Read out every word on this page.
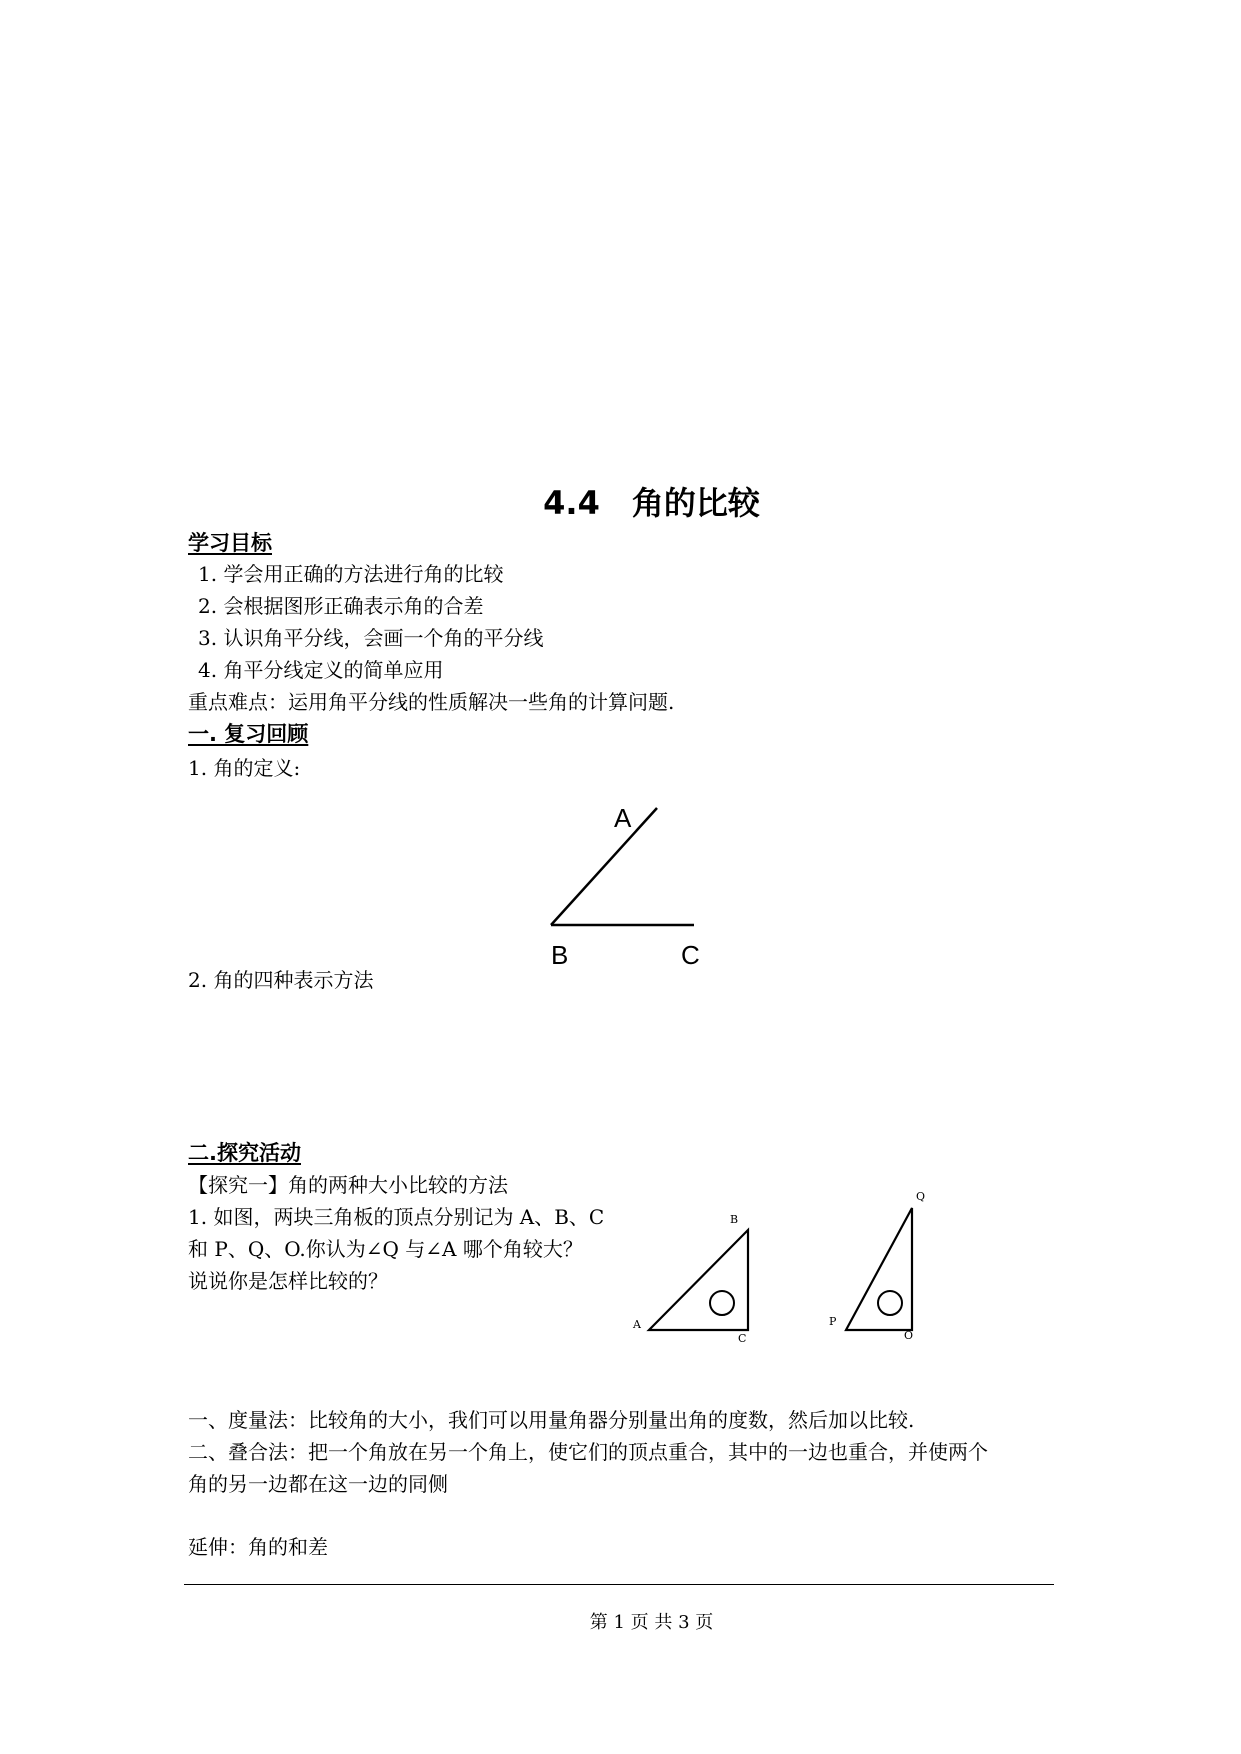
4.4　角的比较
学习目标
1. 学会用正确的方法进行角的比较
2. 会根据图形正确表示角的合差
3. 认识角平分线，会画一个角的平分线
4. 角平分线定义的简单应用
重点难点：运用角平分线的性质解决一些角的计算问题.
一. 复习回顾
1. 角的定义:
A
B	C
2. 角的四种表示方法
二.探究活动
【探究一】角的两种大小比较的方法
1. 如图，两块三角板的顶点分别记为 A、B、C
和 P、Q、O.你认为∠Q 与∠A 哪个角较大？
说说你是怎样比较的？
B
A
C
Q
P
O
一、度量法：比较角的大小，我们可以用量角器分别量出角的度数，然后加以比较.
二、叠合法：把一个角放在另一个角上，使它们的顶点重合，其中的一边也重合，并使两个
角的另一边都在这一边的同侧
延伸：角的和差
第 1 页 共 3 页
